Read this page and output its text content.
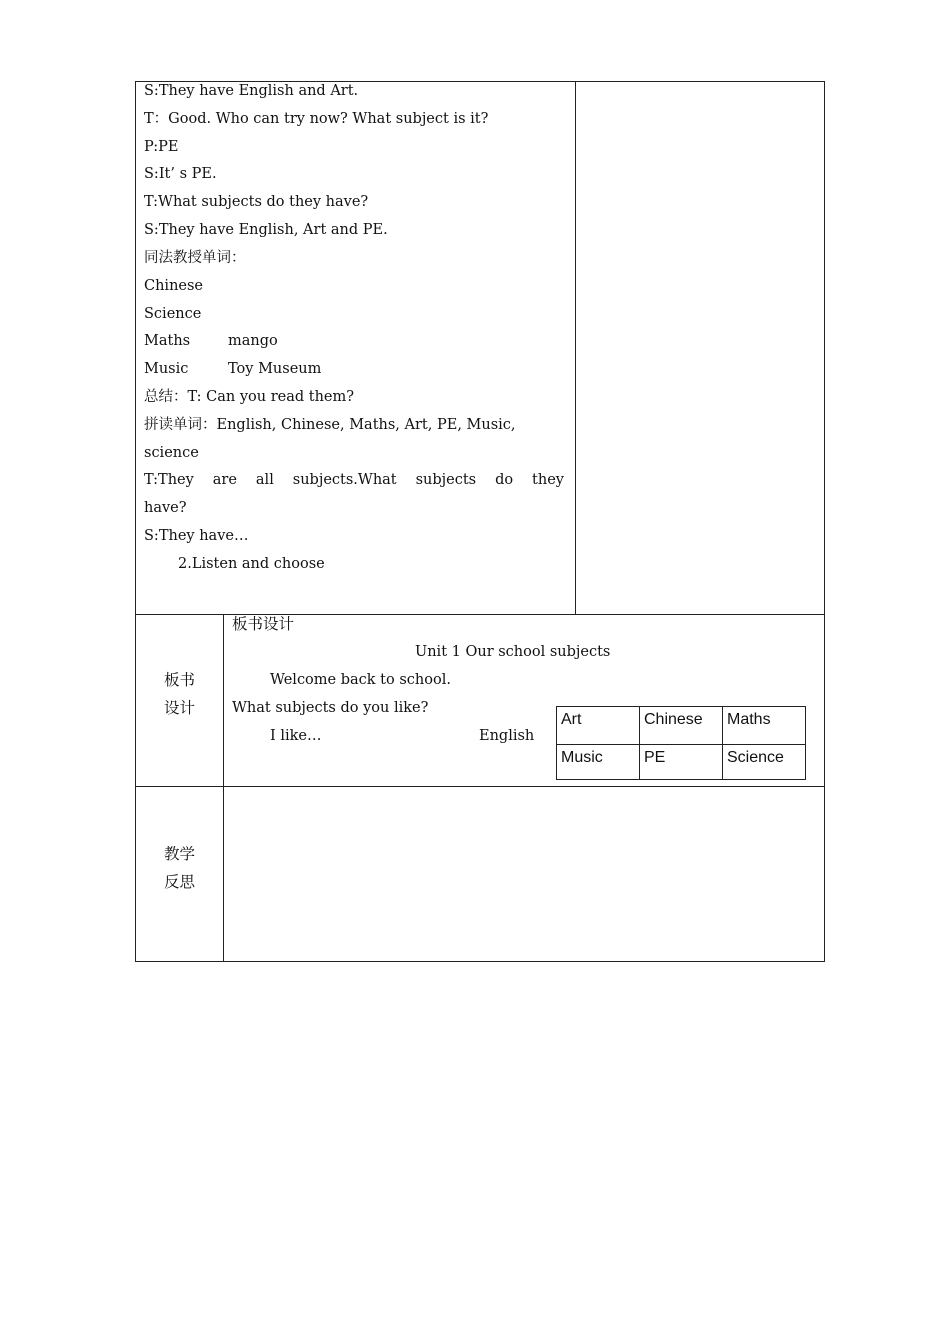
S:They have English and Art.
T：Good. Who can try now? What subject is it?
P:PE
S:It’ s PE.
T:What subjects do they have?
S:They have English, Art and PE.
同法教授单词：
Chinese
Science
Maths	mango
Music	Toy Museum
总结：T: Can you read them?
拼读单词：English, Chinese, Maths, Art, PE, Music,
science
T:They are all subjects.What subjects do they
have?
S:They have…
2.Listen and choose
板书
设计
板书设计
Unit 1 Our school subjects
Welcome back to school.
What subjects do you like?
I like…	English
Art	Chinese	Maths
Music	PE	Science
教学
反思
